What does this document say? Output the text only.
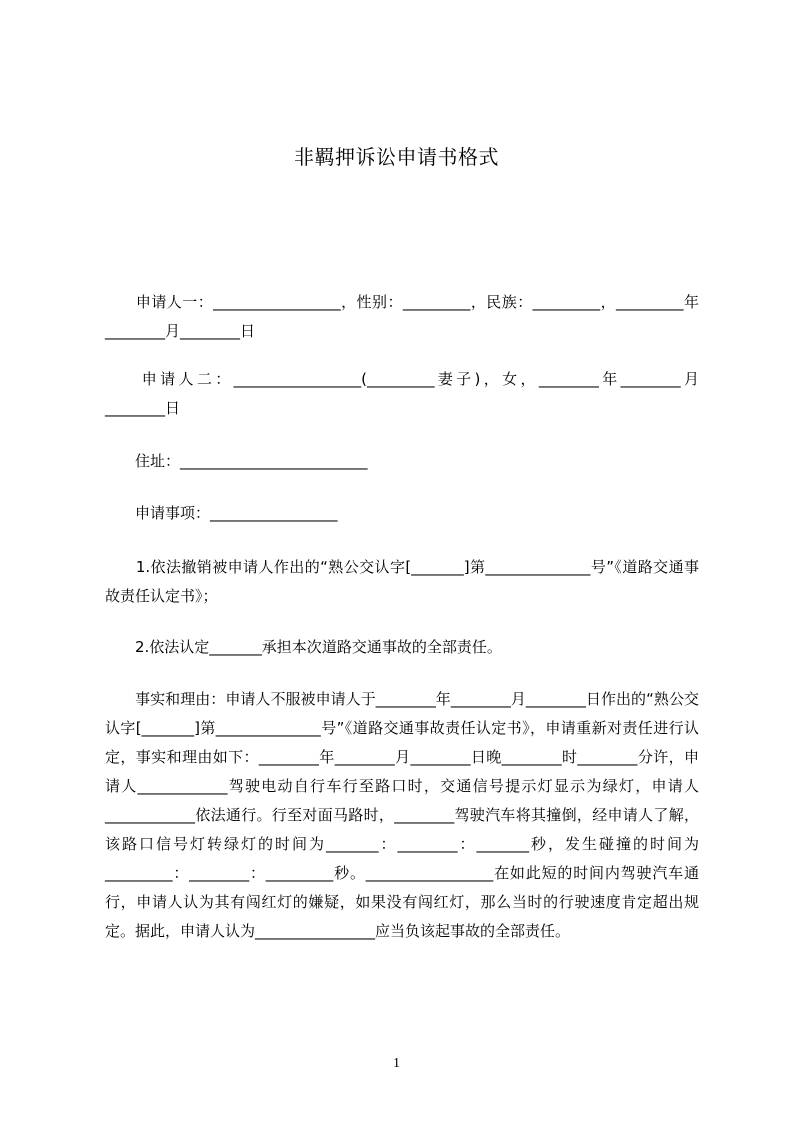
非羁押诉讼申请书格式

　　申请人一：_________________，性别：_________，民族：_________，_________年________月________日

　　申请人二：_________________(_________妻子)，女，________年________月________日

　　住址：_________________________

　　申请事项：_________________

　　1.依法撤销被申请人作出的“熟公交认字[_______]第______________号”《道路交通事故责任认定书》；

　　2.依法认定_______承担本次道路交通事故的全部责任。

　　事实和理由：申请人不服被申请人于________年________月________日作出的“熟公交认字[_______]第______________号”《道路交通事故责任认定书》，申请重新对责任进行认定，事实和理由如下：________年________月________日晚________时________分许，申请人____________驾驶电动自行车行至路口时，交通信号提示灯显示为绿灯，申请人____________依法通行。行至对面马路时，________驾驶汽车将其撞倒，经申请人了解，该路口信号灯转绿灯的时间为_______：________：_______秒，发生碰撞的时间为_________：________：_________秒。_________________在如此短的时间内驾驶汽车通行，申请人认为其有闯红灯的嫌疑，如果没有闯红灯，那么当时的行驶速度肯定超出规定。据此，申请人认为________________应当负该起事故的全部责任。

1
